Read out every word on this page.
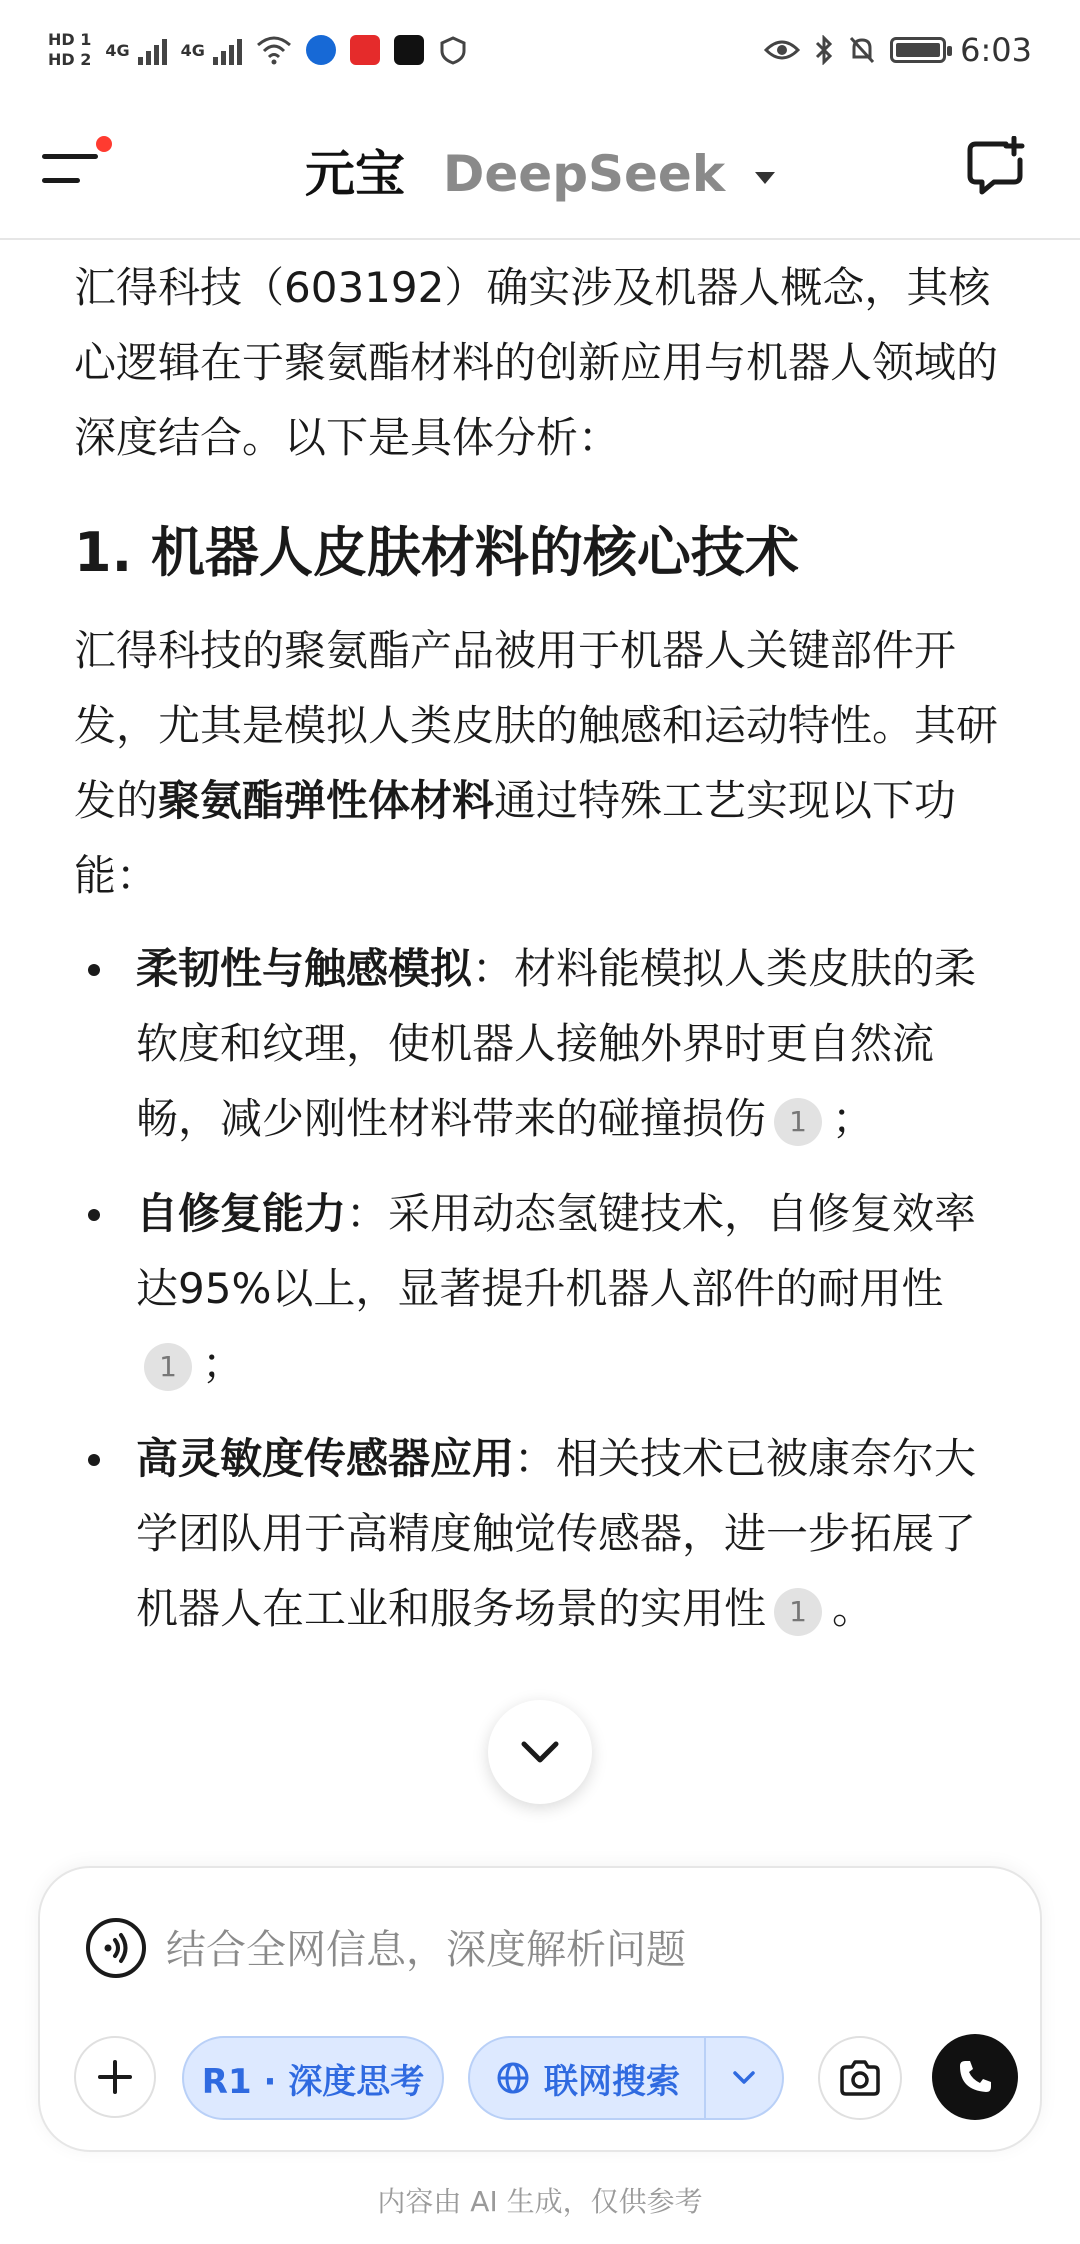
HD 1
HD 2 4G	4G	6:03
元宝 DeepSeek

汇得科技（603192）确实涉及机器人概念，其核心逻辑在于聚氨酯材料的创新应用与机器人领域的深度结合。以下是具体分析：

1. 机器人皮肤材料的核心技术

汇得科技的聚氨酯产品被用于机器人关键部件开发，尤其是模拟人类皮肤的触感和运动特性。其研发的聚氨酯弹性体材料通过特殊工艺实现以下功能：

柔韧性与触感模拟：材料能模拟人类皮肤的柔软度和纹理，使机器人接触外界时更自然流畅，减少刚性材料带来的碰撞损伤 1 ；
自修复能力：采用动态氢键技术，自修复效率达95%以上，显著提升机器人部件的耐用性1 ；
高灵敏度传感器应用：相关技术已被康奈尔大学团队用于高精度触觉传感器，进一步拓展了机器人在工业和服务场景的实用性 1 。
结合全网信息，深度解析问题
R1 · 深度思考	联网搜索
内容由 AI 生成，仅供参考
